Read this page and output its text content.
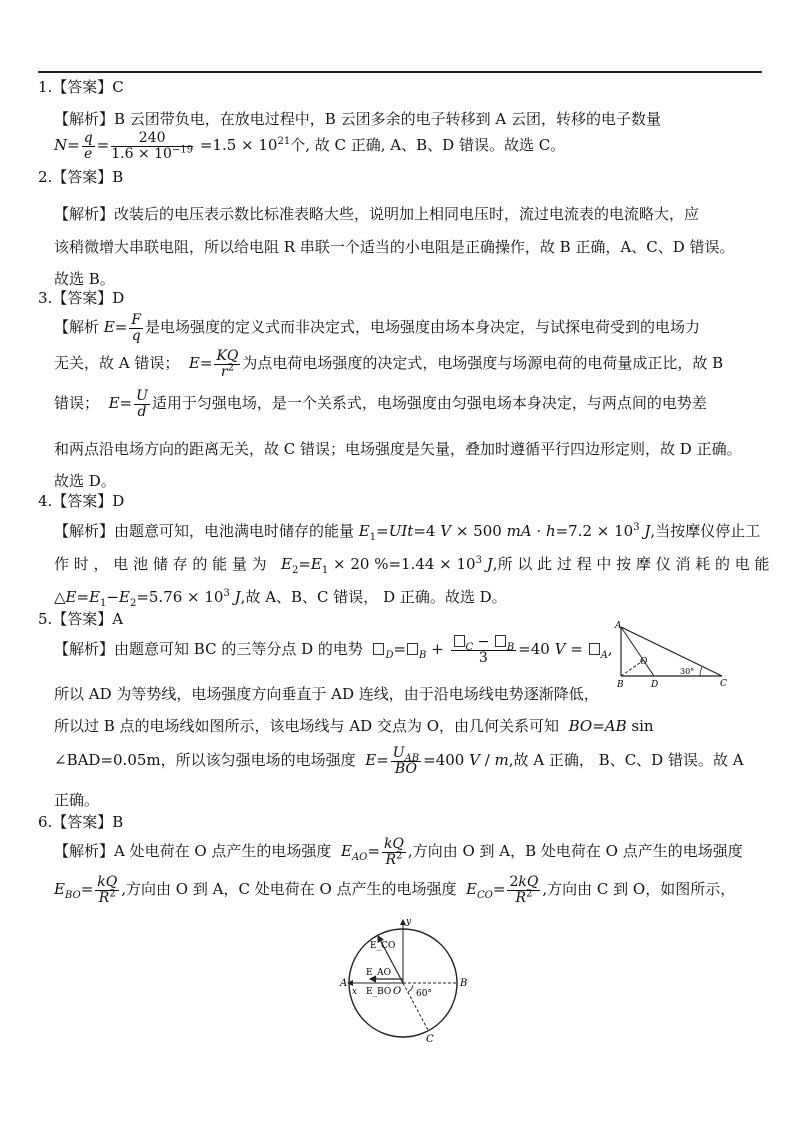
1.【答案】C
【解析】B 云团带负电，在放电过程中，B 云团多余的电子转移到 A 云团，转移的电子数量
$N= \frac{q}{e} = \frac{240}{1.6 \times 10^{-19}} =1.5 \times 10^{21}$个, 故 C 正确, A、B、D 错误。故选 C。
2.【答案】B
【解析】改装后的电压表示数比标准表略大些，说明加上相同电压时，流过电流表的电流略大，应
该稍微增大串联电阻，所以给电阻 R 串联一个适当的小电阻是正确操作，故 B 正确，A、C、D 错误。
故选 B。
3.【答案】D
【解析 $E= \frac{F}{q}$ 是电场强度的定义式而非决定式，电场强度由场本身决定，与试探电荷受到的电场力
无关，故 A 错误； $E= \frac{KQ}{r^2}$ 为点电荷电场强度的决定式，电场强度与场源电荷的电荷量成正比，故 B
错误； $E= \frac{U}{d}$ 适用于匀强电场，是一个关系式，电场强度由匀强电场本身决定，与两点间的电势差
和两点沿电场方向的距离无关，故 C 错误；电场强度是矢量，叠加时遵循平行四边形定则，故 D 正确。
故选 D。
4.【答案】D
【解析】由题意可知，电池满电时储存的能量 $E_1=UIt=4$ V × 500 mA · $h=7.2 \times 10^3$ J,当按摩仪停止工
作 时 ， 电 池 储 存 的 能 量 为 $E_2=E_1 \times 20$ $\%=1.44 \times 10^3$ J,所 以 此 过 程 中 按 摩 仪 消 耗 的 电 能
$\triangle E=E_1-E_2=5.76 \times 10^3$ J,故 A、B、C 错误， D 正确。故选 D。
5.【答案】A
【解析】由题意可知 BC 的三等分点 D 的电势 $_D= _B + \frac{_C - _B}{3} =40$ V = $_A$,
所以 AD 为等势线，电场强度方向垂直于 AD 连线，由于沿电场线电势逐渐降低，
所以过 B 点的电场线如图所示，该电场线与 AD 交点为 O，由几何关系可知 BO=AB sin
∠BAD=0.05m，所以该匀强电场的电场强度 $E= \frac{U_{AB}}{BO} =400$ V / m,故 A 正确， B、C、D 错误。故 A
正确。
A
O
B	D	C
30°
6.【答案】B
【解析】A 处电荷在 O 点产生的电场强度 $E_{AO}= \frac{kQ}{R^2}$ ,方向由 O 到 A，B 处电荷在 O 点产生的电场强度
$E_{BO}= \frac{kQ}{R^2}$ ,方向由 O 到 A，C 处电荷在 O 点产生的电场强度 $E_{CO}= \frac{2kQ}{R^2}$ ,方向由 C 到 O，如图所示，
y
E_CO
E_AO
A
x E_BO O 60°
B
C
